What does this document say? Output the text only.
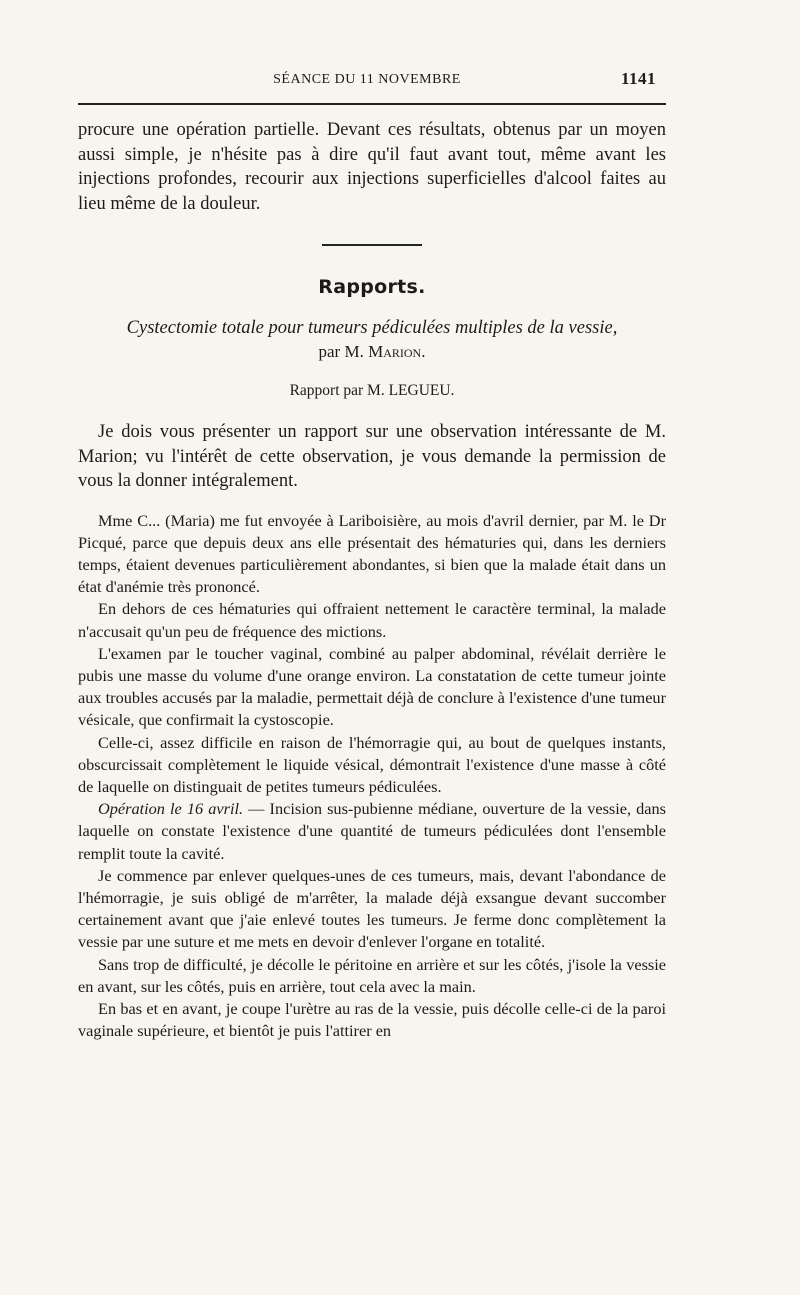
SÉANCE DU 11 NOVEMBRE	1141

procure une opération partielle. Devant ces résultats, obtenus par un moyen aussi simple, je n'hésite pas à dire qu'il faut avant tout, même avant les injections profondes, recourir aux injections superficielles d'alcool faites au lieu même de la douleur.

Rapports.
Cystectomie totale pour tumeurs pédiculées multiples de la vessie,
par M. Marion.
Rapport par M. LEGUEU.

Je dois vous présenter un rapport sur une observation intéressante de M. Marion; vu l'intérêt de cette observation, je vous demande la permission de vous la donner intégralement.

Mme C... (Maria) me fut envoyée à Lariboisière, au mois d'avril dernier, par M. le Dr Picqué, parce que depuis deux ans elle présentait des hématuries qui, dans les derniers temps, étaient devenues particulièrement abondantes, si bien que la malade était dans un état d'anémie très prononcé.

En dehors de ces hématuries qui offraient nettement le caractère terminal, la malade n'accusait qu'un peu de fréquence des mictions.

L'examen par le toucher vaginal, combiné au palper abdominal, révélait derrière le pubis une masse du volume d'une orange environ. La constatation de cette tumeur jointe aux troubles accusés par la maladie, permettait déjà de conclure à l'existence d'une tumeur vésicale, que confirmait la cystoscopie.

Celle-ci, assez difficile en raison de l'hémorragie qui, au bout de quelques instants, obscurcissait complètement le liquide vésical, démontrait l'existence d'une masse à côté de laquelle on distinguait de petites tumeurs pédiculées.

Opération le 16 avril. — Incision sus-pubienne médiane, ouverture de la vessie, dans laquelle on constate l'existence d'une quantité de tumeurs pédiculées dont l'ensemble remplit toute la cavité.

Je commence par enlever quelques-unes de ces tumeurs, mais, devant l'abondance de l'hémorragie, je suis obligé de m'arrêter, la malade déjà exsangue devant succomber certainement avant que j'aie enlevé toutes les tumeurs. Je ferme donc complètement la vessie par une suture et me mets en devoir d'enlever l'organe en totalité.

Sans trop de difficulté, je décolle le péritoine en arrière et sur les côtés, j'isole la vessie en avant, sur les côtés, puis en arrière, tout cela avec la main.

En bas et en avant, je coupe l'urètre au ras de la vessie, puis décolle celle-ci de la paroi vaginale supérieure, et bientôt je puis l'attirer en
